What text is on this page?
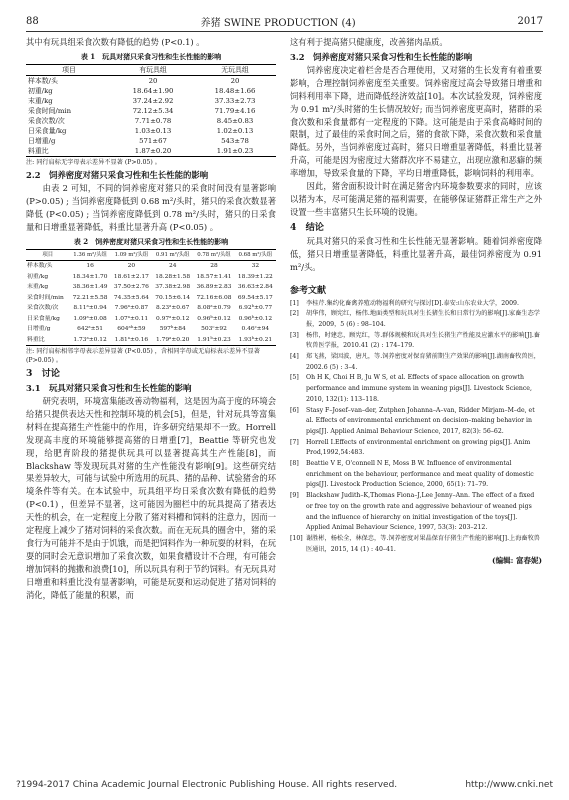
88	养猪 SWINE PRODUCTION (4)	2017

其中有玩具组采食次数有降低的趋势 (P<0.1) 。

表 1　玩具对猪只采食习性和生长性能的影响
项目	有玩具组	无玩具组
样本数/头	20	20
初重/kg	18.64±1.90	18.48±1.66
末重/kg	37.24±2.92	37.33±2.73
采食时间/min	72.12±5.34	71.79±4.16
采食次数/次	7.71±0.78	8.45±0.83
日采食量/kg	1.03±0.13	1.02±0.13
日增重/g	571±67	543±78
料重比	1.87±0.20	1.91±0.23
注: 同行肩标无字母表示差异不显著 (P>0.05) 。
2.2　饲养密度对猪只采食习性和生长性能的影响

由表 2 可知，不同的饲养密度对猪只的采食时间没有显著影响 (P>0.05) ; 当饲养密度降低到 0.68 m²/头时，猪只的采食次数显著降低 (P<0.05) ; 当饲养密度降低到 0.78 m²/头时，猪只的日采食量和日增重显著降低，料重比显著升高 (P<0.05) 。

表 2　饲养密度对猪只采食习性和生长性能的影响
项目	1.36 m²/头组	1.09 m²/头组	0.91 m²/头组	0.78 m²/头组	0.68 m²/头组
样本数/头	16	20	24	28	32
初重/kg	18.34±1.70	18.61±2.17	18.28±1.58	18.57±1.41	18.39±1.22
末重/kg	38.36±1.49	37.50±2.76	37.38±2.98	36.89±2.83	36.63±2.84
采食时间/min	72.21±5.58	74.35±5.64	70.15±6.14	72.16±6.08	69.54±5.17
采食次数/次	8.11ᵃ±0.94	7.96ᵃ±0.87	8.23ᵃ±0.67	8.08ᵃ±0.79	6.92ᵇ±0.77
日采食量/kg	1.09ᵃ±0.08	1.07ᵃ±0.11	0.97ᵃ±0.12	0.96ᵇ±0.12	0.96ᵇ±0.12
日增重/g	642ᵃ±51	604ᵃᵇ±59	597ᵇ±84	503ᶜ±92	0.46ᶜ±94
料重比	1.73ᵃ±0.12	1.81ᵃ±0.16	1.79ᵃ±0.20	1.91ᵇ±0.23	1.93ᵇ±0.21
注: 同行肩标相邻字母表示差异显著 (P<0.05) ，含相同字母或无肩标表示差异不显著 (P>0.05) 。
3　讨论
3.1　玩具对猪只采食习性和生长性能的影响

研究表明，环境富集能改善动物福利，这是因为高于度的环境会给猪只提供表达天性和控制环境的机会[5]，但是，针对玩具等富集材料在提高猪生产性能中的作用，许多研究结果却不一致。Horrell 发现高丰度的环境能够提高猪的日增重[7]，Beattie 等研究也发现，给肥育阶段的猪提供玩具可以显著提高其生产性能[8]，而 Blackshaw 等发现玩具对猪的生产性能没有影响[9]。这些研究结果差异较大，可能与试验中所选用的玩具、猪的品种、试验猪舍的环境条件等有关。在本试验中，玩具组平均日采食次数有降低的趋势 (P<0.1) ，但差异不显著，这可能因为圈栏中的玩具提高了猪表达天性的机会，在一定程度上分散了猪对料槽和饲料的注意力，因而一定程度上减少了猪对饲料的采食次数。而在无玩具的圈舍中，猪的采食行为可能并不是由于饥饿，而是把饲料作为一种玩耍的材料，在玩耍的同时会无意识增加了采食次数，如果食槽设计不合理，有可能会增加饲料的抛撒和浪费[10]，所以玩具有利于节约饲料。有无玩具对日增重和料重比没有显著影响，可能是玩耍和运动促进了猪对饲料的消化，降低了能量的积累，而

这有利于提高猪只健康度，改善猪肉品质。

3.2　饲养密度对猪只采食习性和生长性能的影响

饲养密度决定着栏舍是否合理使用，又对猪的生长发育有着重要影响，合理控制饲养密度至关重要。饲养密度过高会导致猪日增重和饲料利用率下降，进而降低经济效益[10]。本次试验发现，饲养密度为 0.91 m²/头时猪的生长情况较好; 而当饲养密度更高时，猪群的采食次数和采食量都有一定程度的下降。这可能是由于采食高峰时间的限制，过了最佳的采食时间之后，猪的食欲下降，采食次数和采食量降低。另外，当饲养密度过高时，猪只日增重显著降低，料重比显著升高，可能是因为密度过大猪群次序不易建立，出现应激和恶癖的频率增加，导致采食量的下降，平均日增重降低，影响饲料的利用率。

因此，猪舍面积设计时在满足猪舍内环境参数要求的同时，应该以猪为本，尽可能满足猪的福利需要，在能够保证猪群正常生产之外设置一些丰富猪只生长环境的设施。

4　结论

玩具对猪只的采食习性和生长性能无显著影响。随着饲养密度降低，猪只日增重显著降低，料重比显著升高，最佳饲养密度为 0.91 m²/头。

参考文献
[1]	李桂芹.集约化畜禽养殖动物福利的研究与探讨[D].泰安:山东农业大学，2009.
[2]	胡华伟，顾宪红，杨伟.地面类型和玩具对生长猪生长和日常行为的影响[J].家畜生态学报，2009，5 (6) : 98–104.
[3]	杨伟，时建忠，顾宪红，等.群体规模和玩具对生长猪生产性能及应激水平的影响[J].畜牧兽医学报，2010.41 (2) : 174–179.
[4]	郑飞燕，梁因波，唐凡，等.饲养密度对保育猪前期生产效果的影响[J].湖南畜牧兽医，2002.6 (5) : 3–4.
[5]	Oh H K, Choi H B, Ju W S, et al. Effects of space allocation on growth performance and immune system in weaning pigs[J]. Livestock Science, 2010, 132(1): 113–118.
[6]	Stasy F–Josef–van–der, Zutphen Johanna–A–van, Ridder Mirjam–M–de, et al. Effects of environmental enrichment on decision–making behavior in pigs[J]. Applied Animal Behaviour Science, 2017, 82(3): 56–62.
[7]	Horrell I.Effects of environmental enrichment on growing pigs[J]. Anim Prod,1992,54:483.
[8]	Beattie V E, O'connell N E, Moss B W. Influence of environmental enrichment on the behaviour, performance and meat quality of domestic pigs[J]. Livestock Production Science, 2000, 65(1): 71–79.
[9]	Blackshaw Judith–K,Thomas Fiona–J,Lee Jenny–Ann. The effect of a fixed or free toy on the growth rate and aggressive behaviour of weaned pigs and the influence of hierarchy on initial investigation of the toys[J]. Applied Animal Behaviour Science, 1997, 53(3): 203–212.
[10] 谢胜彬，杨松全，林保忠，等.饲养密度对果晶保育仔猪生产性能的影响[J].上海畜牧兽医通讯，2015, 14 (1) : 40–41.
(编辑: 富春妮)
?1994-2017 China Academic Journal Electronic Publishing House. All rights reserved.	http://www.cnki.net
